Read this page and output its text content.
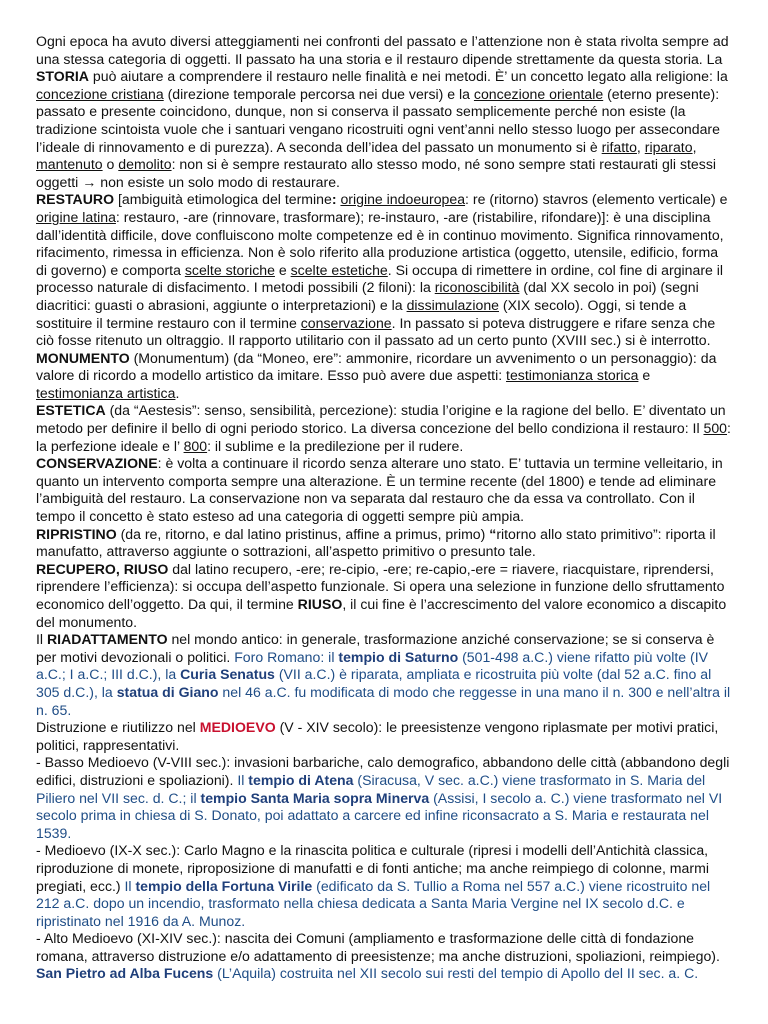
Ogni epoca ha avuto diversi atteggiamenti nei confronti del passato e l’attenzione non è stata rivolta sempre ad una stessa categoria di oggetti. Il passato ha una storia e il restauro dipende strettamente da questa storia. La STORIA può aiutare a comprendere il restauro nelle finalità e nei metodi. È’ un concetto legato alla religione: la concezione cristiana (direzione temporale percorsa nei due versi) e la concezione orientale (eterno presente): passato e presente coincidono, dunque, non si conserva il passato semplicemente perché non esiste (la tradizione scintoista vuole che i santuari vengano ricostruiti ogni vent’anni nello stesso luogo per assecondare l’ideale di rinnovamento e di purezza). A seconda dell’idea del passato un monumento si è rifatto, riparato, mantenuto o demolito: non si è sempre restaurato allo stesso modo, né sono sempre stati restaurati gli stessi oggetti → non esiste un solo modo di restaurare.

RESTAURO [ambiguità etimologica del termine: origine indoeuropea: re (ritorno) stavros (elemento verticale) e origine latina: restauro, -are (rinnovare, trasformare); re-instauro, -are (ristabilire, rifondare)]: è una disciplina dall’identità difficile, dove confluiscono molte competenze ed è in continuo movimento. Significa rinnovamento, rifacimento, rimessa in efficienza. Non è solo riferito alla produzione artistica (oggetto, utensile, edificio, forma di governo) e comporta scelte storiche e scelte estetiche. Si occupa di rimettere in ordine, col fine di arginare il processo naturale di disfacimento. I metodi possibili (2 filoni): la riconoscibilità (dal XX secolo in poi) (segni diacritici: guasti o abrasioni, aggiunte o interpretazioni) e la dissimulazione (XIX secolo). Oggi, si tende a sostituire il termine restauro con il termine conservazione. In passato si poteva distruggere e rifare senza che ciò fosse ritenuto un oltraggio. Il rapporto utilitario con il passato ad un certo punto (XVIII sec.) si è interrotto.

MONUMENTO (Monumentum) (da “Moneo, ere”: ammonire, ricordare un avvenimento o un personaggio): da valore di ricordo a modello artistico da imitare. Esso può avere due aspetti: testimonianza storica e testimonianza artistica.

ESTETICA (da “Aestesis”: senso, sensibilità, percezione): studia l’origine e la ragione del bello. E’ diventato un metodo per definire il bello di ogni periodo storico. La diversa concezione del bello condiziona il restauro: Il 500: la perfezione ideale e l’ 800: il sublime e la predilezione per il rudere.

CONSERVAZIONE: è volta a continuare il ricordo senza alterare uno stato. E’ tuttavia un termine velleitario, in quanto un intervento comporta sempre una alterazione. È un termine recente (del 1800) e tende ad eliminare l’ambiguità del restauro. La conservazione non va separata dal restauro che da essa va controllato. Con il tempo il concetto è stato esteso ad una categoria di oggetti sempre più ampia.

RIPRISTINO (da re, ritorno, e dal latino pristinus, affine a primus, primo) “ritorno allo stato primitivo”: riporta il manufatto, attraverso aggiunte o sottrazioni, all’aspetto primitivo o presunto tale.

RECUPERO, RIUSO dal latino recupero, -ere; re-cipio, -ere; re-capio,-ere = riavere, riacquistare, riprendersi, riprendere l’efficienza): si occupa dell’aspetto funzionale. Si opera una selezione in funzione dello sfruttamento economico dell’oggetto. Da qui, il termine RIUSO, il cui fine è l’accrescimento del valore economico a discapito del monumento.

Il RIADATTAMENTO nel mondo antico: in generale, trasformazione anziché conservazione; se si conserva è per motivi devozionali o politici. Foro Romano: il tempio di Saturno (501-498 a.C.) viene rifatto più volte (IV a.C.; I a.C.; III d.C.), la Curia Senatus (VII a.C.) è riparata, ampliata e ricostruita più volte (dal 52 a.C. fino al 305 d.C.), la statua di Giano nel 46 a.C. fu modificata di modo che reggesse in una mano il n. 300 e nell’altra il n. 65.

Distruzione e riutilizzo nel MEDIOEVO (V - XIV secolo): le preesistenze vengono riplasmate per motivi pratici, politici, rappresentativi.

- Basso Medioevo (V-VIII sec.): invasioni barbariche, calo demografico, abbandono delle città (abbandono degli edifici, distruzioni e spoliazioni). Il tempio di Atena (Siracusa, V sec. a.C.) viene trasformato in S. Maria del Piliero nel VII sec. d. C.; il tempio Santa Maria sopra Minerva (Assisi, I secolo a. C.) viene trasformato nel VI secolo prima in chiesa di S. Donato, poi adattato a carcere ed infine riconsacrato a S. Maria e restaurata nel 1539.

- Medioevo (IX-X sec.): Carlo Magno e la rinascita politica e culturale (ripresi i modelli dell’Antichità classica, riproduzione di monete, riproposizione di manufatti e di fonti antiche; ma anche reimpiego di colonne, marmi pregiati, ecc.) Il tempio della Fortuna Virile (edificato da S. Tullio a Roma nel 557 a.C.) viene ricostruito nel 212 a.C. dopo un incendio, trasformato nella chiesa dedicata a Santa Maria Vergine nel IX secolo d.C. e ripristinato nel 1916 da A. Munoz.

- Alto Medioevo (XI-XIV sec.): nascita dei Comuni (ampliamento e trasformazione delle città di fondazione romana, attraverso distruzione e/o adattamento di preesistenze; ma anche distruzioni, spoliazioni, reimpiego).

San Pietro ad Alba Fucens (L’Aquila) costruita nel XII secolo sui resti del tempio di Apollo del II sec. a. C.
